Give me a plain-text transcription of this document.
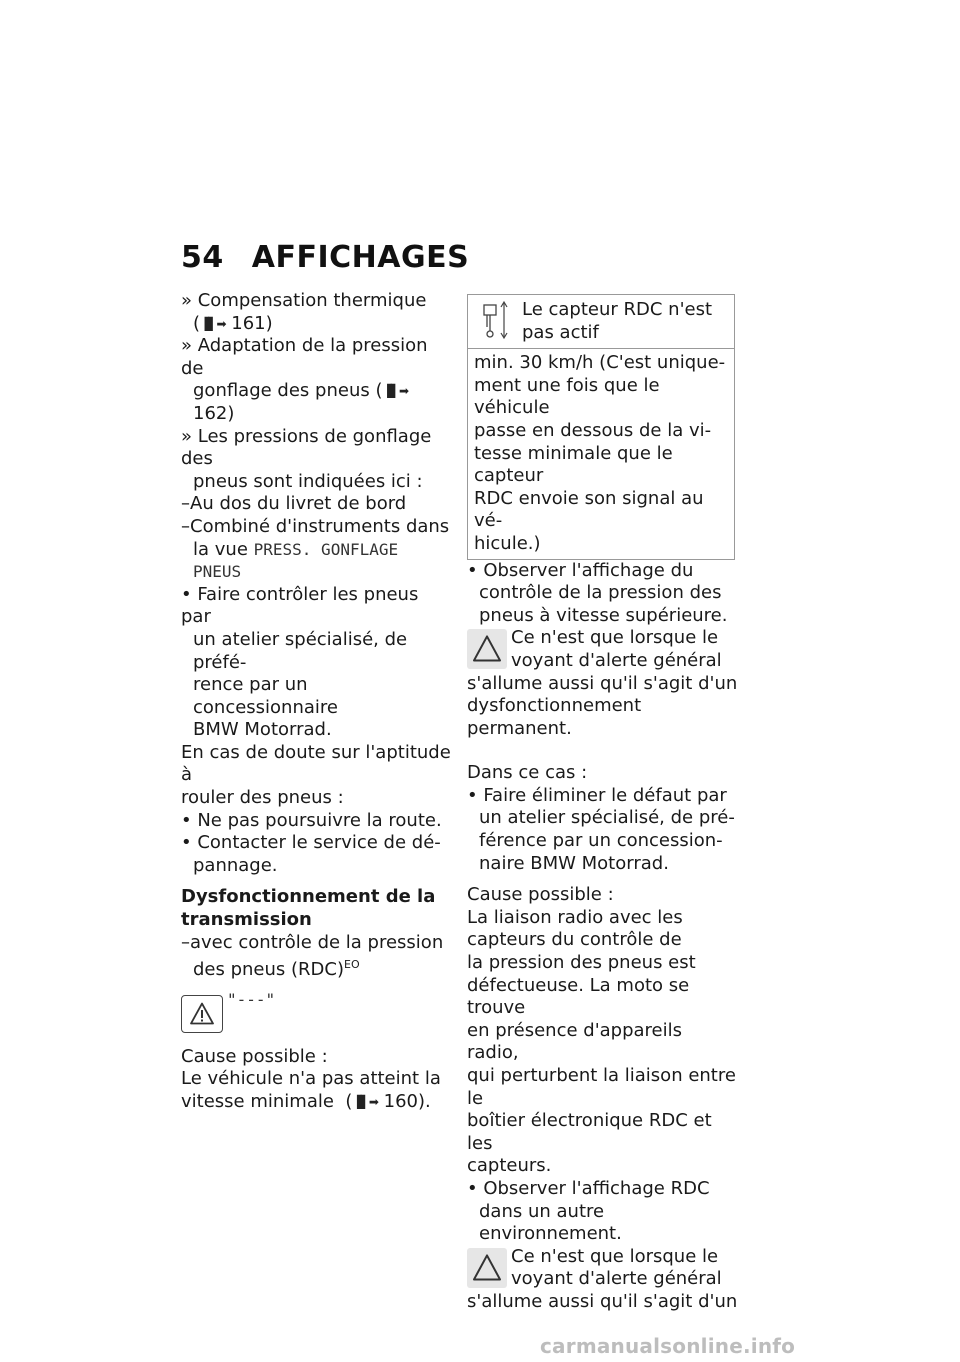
54 AFFICHAGES
» Compensation thermique
(▐▌➡ 161)
» Adaptation de la pression de
gonflage des pneus (▐▌➡ 162)
» Les pressions de gonflage des
pneus sont indiquées ici :
–Au dos du livret de bord
–Combiné d'instruments dans
la vue PRESS. GONFLAGE
PNEUS
• Faire contrôler les pneus par
un atelier spécialisé, de préfé-
rence par un concessionnaire
BMW Motorrad.
En cas de doute sur l'aptitude à
rouler des pneus :
• Ne pas poursuivre la route.
• Contacter le service de dé-
pannage.
Dysfonctionnement de la
transmission
–avec contrôle de la pression
des pneus (RDC)$^{EO}$
"---"
Cause possible :
Le véhicule n'a pas atteint la
vitesse minimale  (▐▌➡ 160).
Le capteur RDC n'est
pas actif

min. 30 km/h (C'est unique-
ment une fois que le véhicule
passe en dessous de la vi-
tesse minimale que le capteur
RDC envoie son signal au vé-
hicule.)
• Observer l'affichage du
contrôle de la pression des
pneus à vitesse supérieure.
Ce n'est que lorsque le
voyant d'alerte général
s'allume aussi qu'il s'agit d'un
dysfonctionnement permanent.
Dans ce cas :
• Faire éliminer le défaut par
un atelier spécialisé, de pré-
férence par un concession-
naire BMW Motorrad.
Cause possible :
La liaison radio avec les
capteurs du contrôle de
la pression des pneus est
défectueuse. La moto se trouve
en présence d'appareils radio,
qui perturbent la liaison entre le
boîtier électronique RDC et les
capteurs.
• Observer l'affichage RDC
dans un autre environnement.
Ce n'est que lorsque le
voyant d'alerte général
s'allume aussi qu'il s'agit d'un
carmanualsonline.info
